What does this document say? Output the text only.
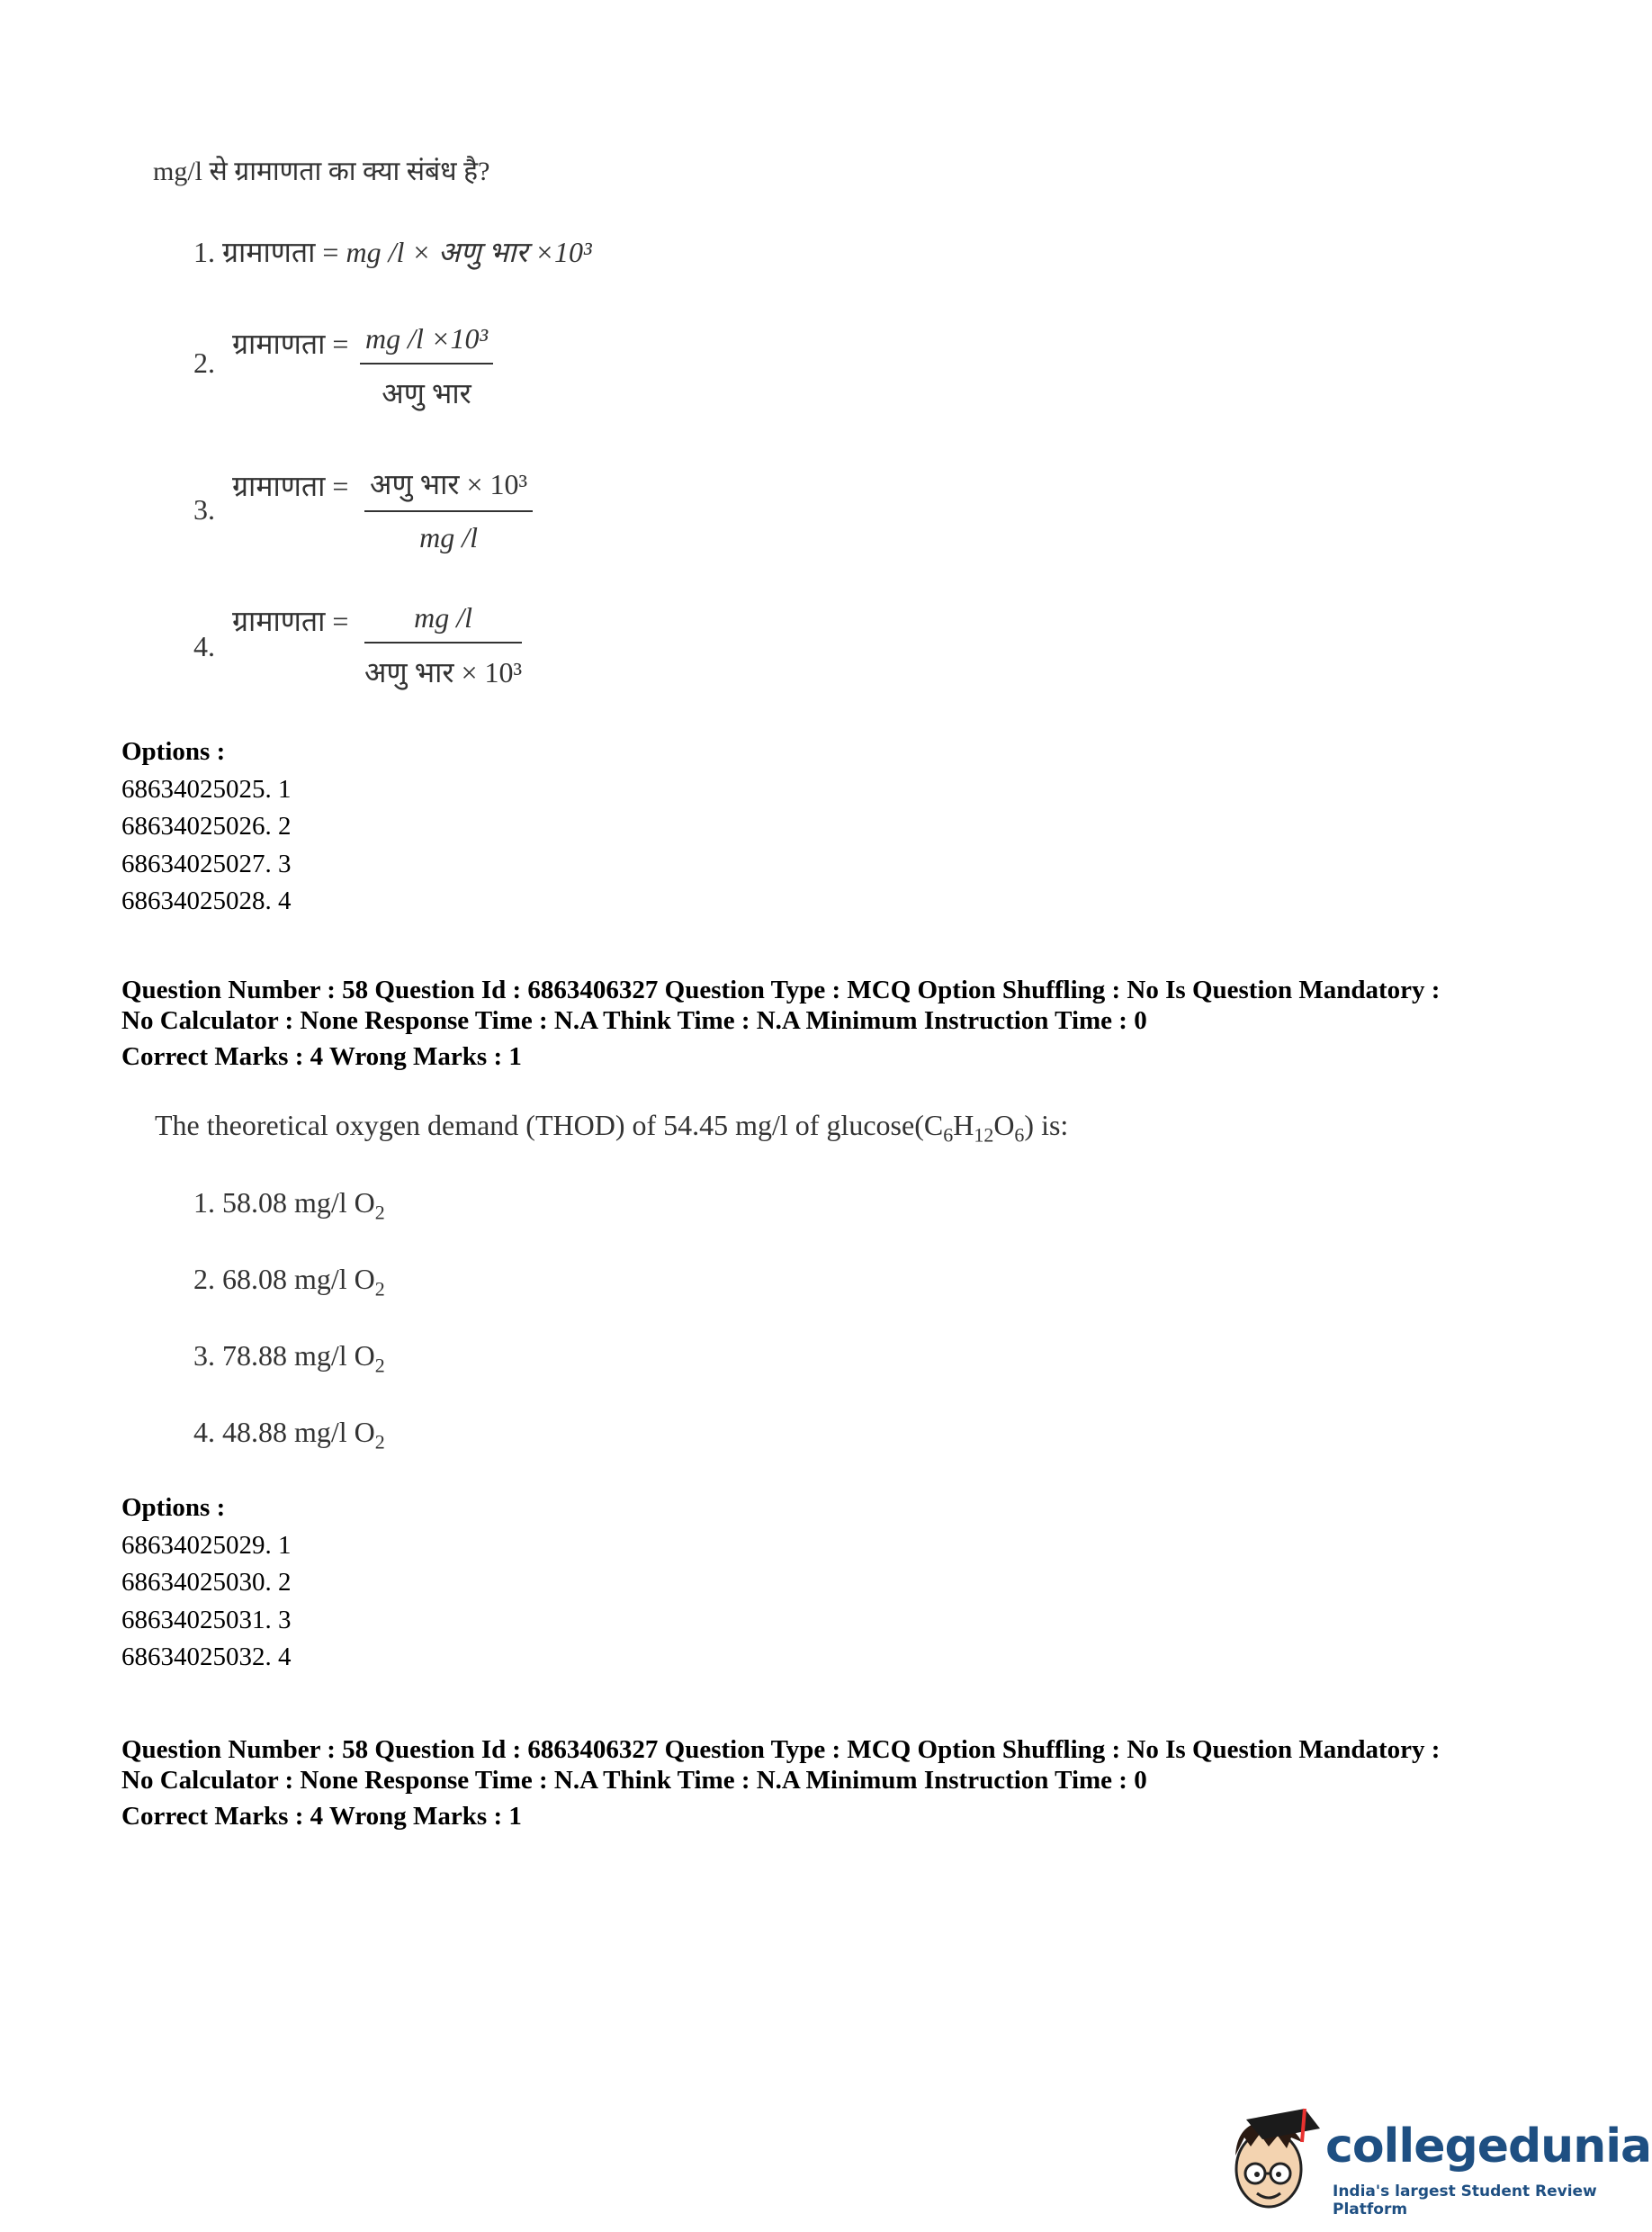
mg/l से ग्रामाणता का क्या संबंध है?
1. ग्रामाणता = mg /l × अणु भार ×10³
2.
ग्रामाणता = mg /l ×10³
अणु भार
3.
ग्रामाणता = अणु भार × 10³
mg /l
4.
ग्रामाणता =	mg /l
अणु भार × 10³
Options :
68634025025. 1
68634025026. 2
68634025027. 3
68634025028. 4
Question Number : 58 Question Id : 6863406327 Question Type : MCQ Option Shuffling : No Is Question Mandatory :
No Calculator : None Response Time : N.A Think Time : N.A Minimum Instruction Time : 0
Correct Marks : 4 Wrong Marks : 1
The theoretical oxygen demand (THOD) of 54.45 mg/l of $glucose(C_6H_{12}O_6)$ is:
1. 58.08 mg/l $O_2$
2. 68.08 mg/l $O_2$
3. 78.88 mg/l $O_2$
4. 48.88 mg/l $O_2$
Options :
68634025029. 1
68634025030. 2
68634025031. 3
68634025032. 4
Question Number : 58 Question Id : 6863406327 Question Type : MCQ Option Shuffling : No Is Question Mandatory :
No Calculator : None Response Time : N.A Think Time : N.A Minimum Instruction Time : 0
Correct Marks : 4 Wrong Marks : 1
collegedunia
India's largest Student Review Platform
